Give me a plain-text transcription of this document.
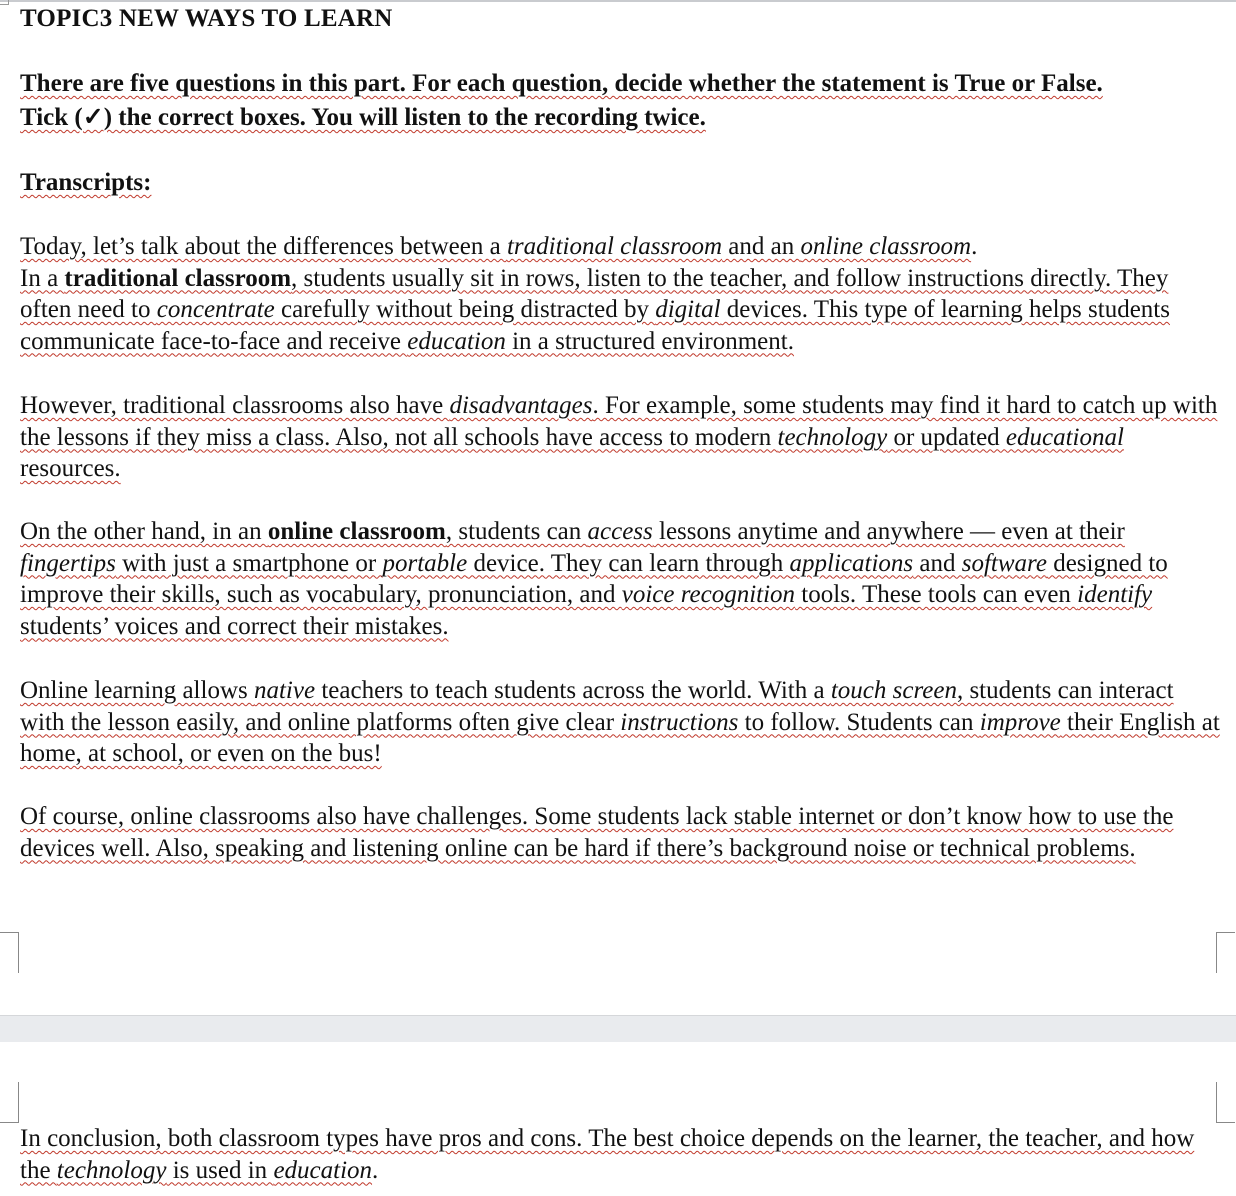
TOPIC3 NEW WAYS TO LEARN

There are five questions in this part. For each question, decide whether the statement is True or False.
Tick (✓) the correct boxes. You will listen to the recording twice.

Transcripts:

Today, let’s talk about the differences between a traditional classroom and an online classroom.
In a traditional classroom, students usually sit in rows, listen to the teacher, and follow instructions directly. They often need to concentrate carefully without being distracted by digital devices. This type of learning helps students communicate face-to-face and receive education in a structured environment.

However, traditional classrooms also have disadvantages. For example, some students may find it hard to catch up with the lessons if they miss a class. Also, not all schools have access to modern technology or updated educational resources.

On the other hand, in an online classroom, students can access lessons anytime and anywhere — even at their fingertips with just a smartphone or portable device. They can learn through applications and software designed to improve their skills, such as vocabulary, pronunciation, and voice recognition tools. These tools can even identify students’ voices and correct their mistakes.

Online learning allows native teachers to teach students across the world. With a touch screen, students can interact with the lesson easily, and online platforms often give clear instructions to follow. Students can improve their English at home, at school, or even on the bus!

Of course, online classrooms also have challenges. Some students lack stable internet or don’t know how to use the devices well. Also, speaking and listening online can be hard if there’s background noise or technical problems.

In conclusion, both classroom types have pros and cons. The best choice depends on the learner, the teacher, and how the technology is used in education.
